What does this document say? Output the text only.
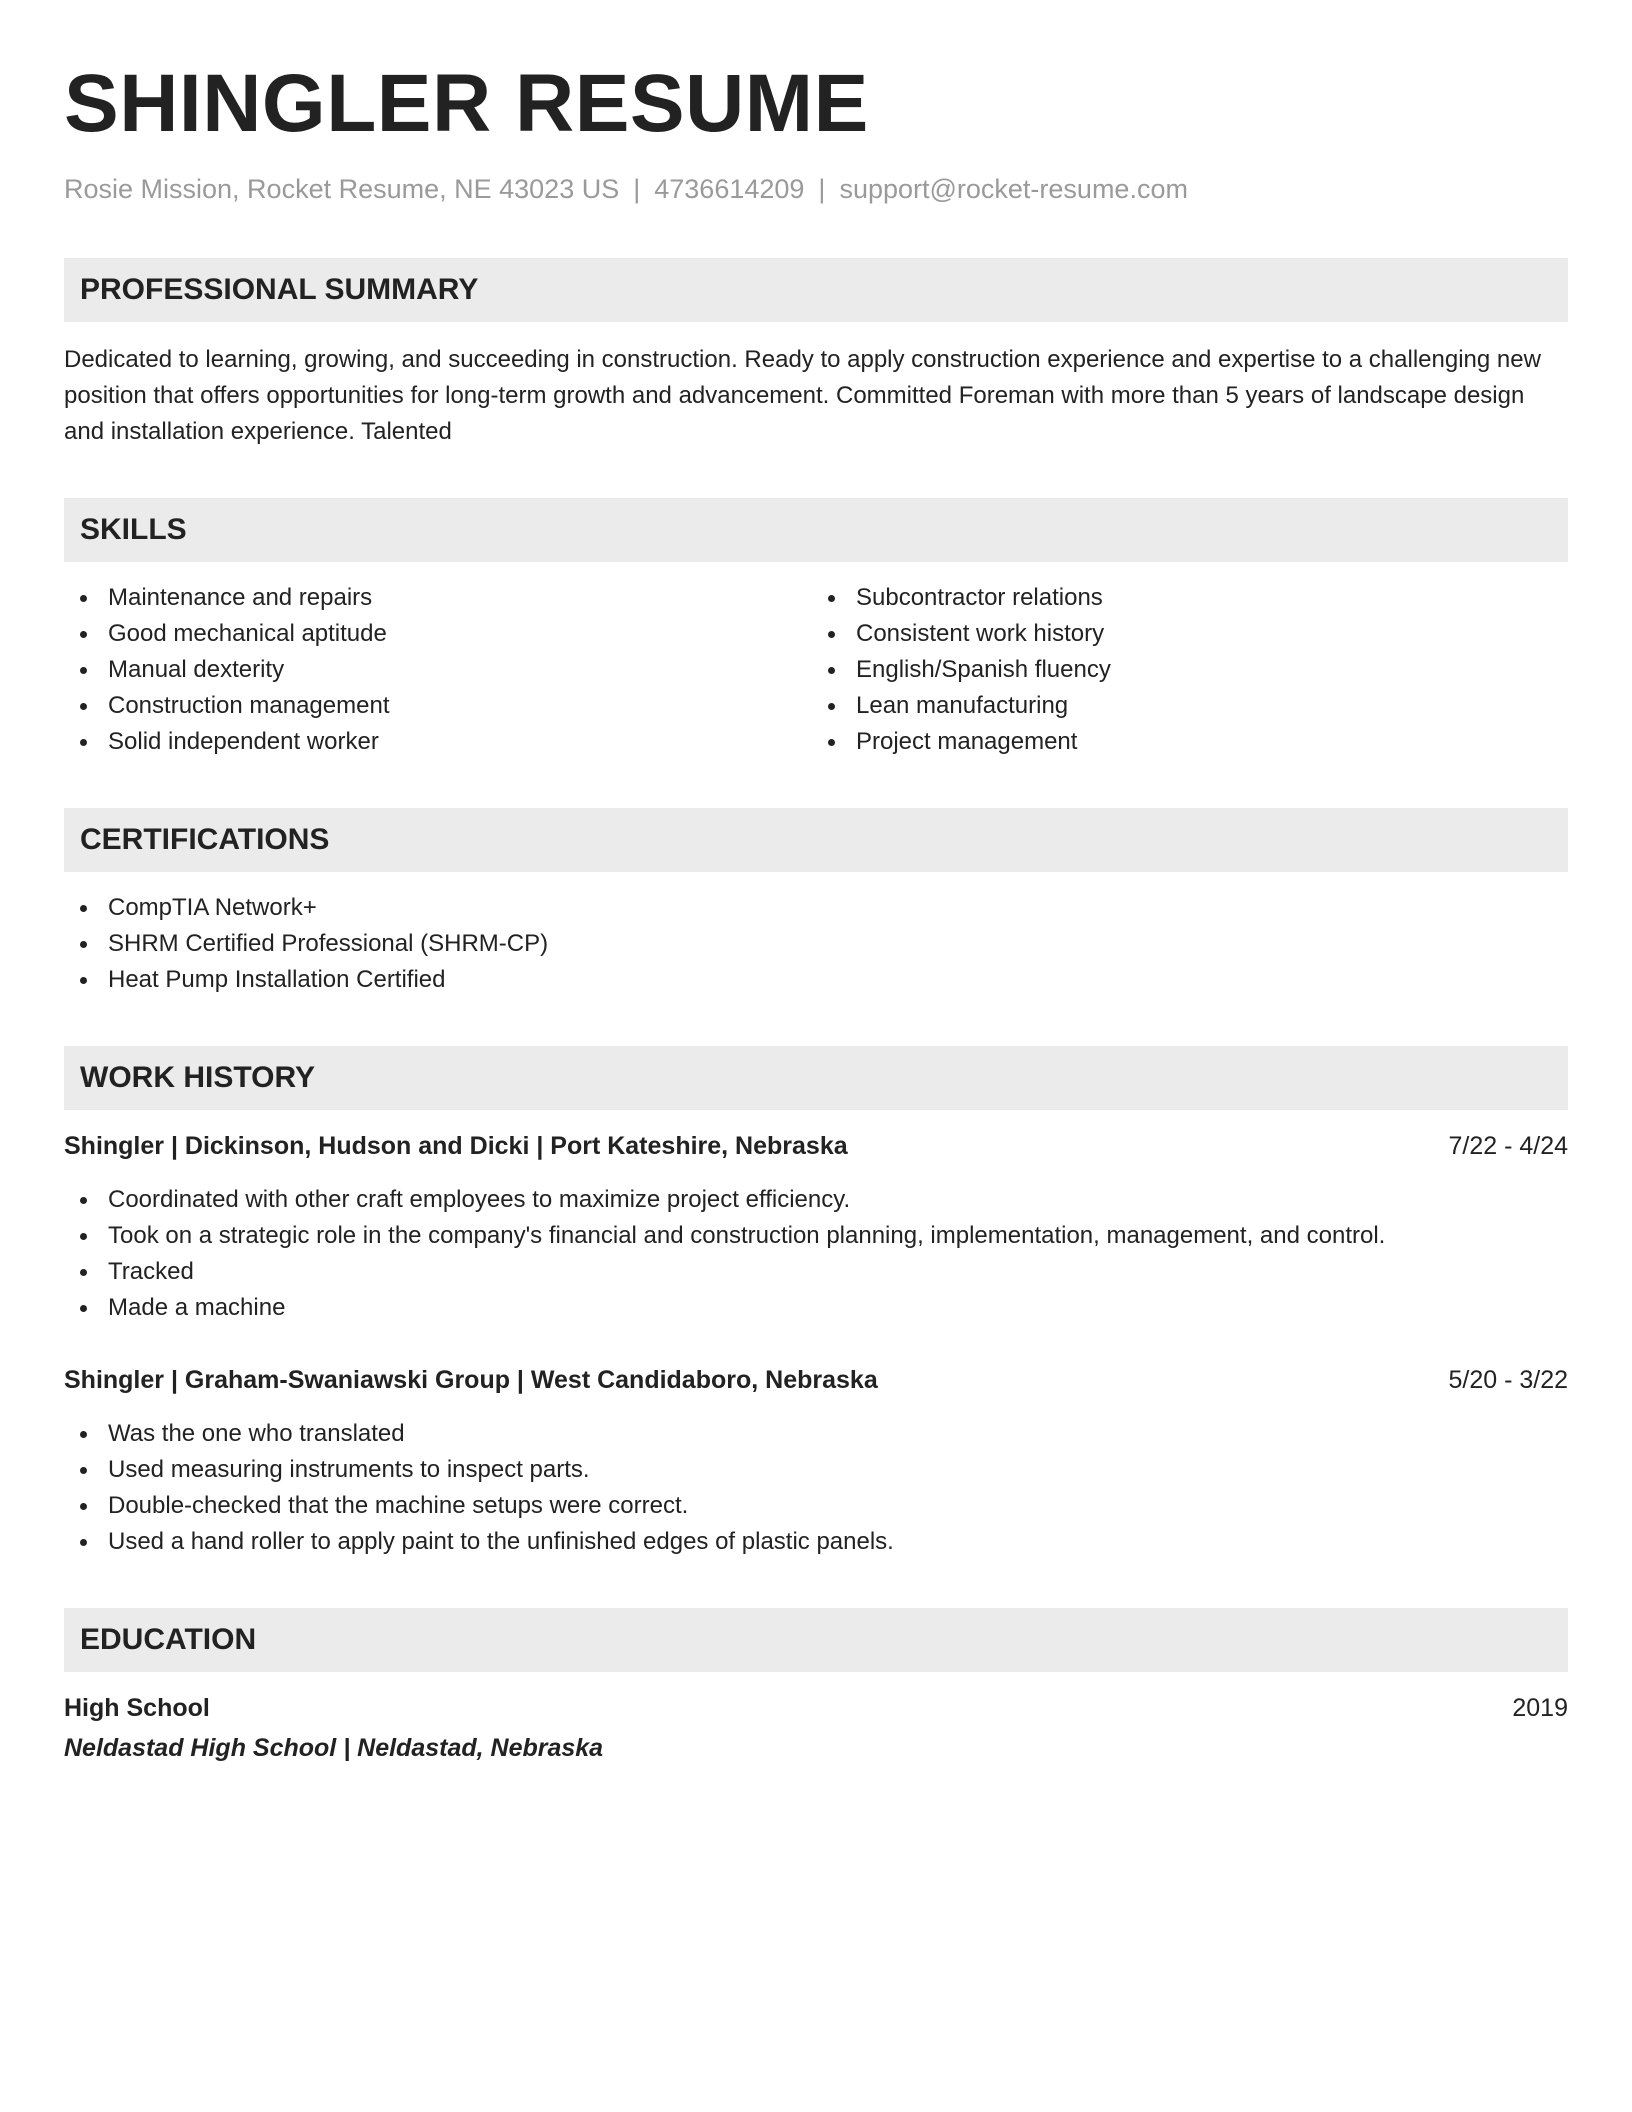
SHINGLER RESUME
Rosie Mission, Rocket Resume, NE 43023 US | 4736614209 | support@rocket-resume.com
PROFESSIONAL SUMMARY

Dedicated to learning, growing, and succeeding in construction. Ready to apply construction experience and expertise to a challenging new position that offers opportunities for long-term growth and advancement. Committed Foreman with more than 5 years of landscape design and installation experience. Talented

SKILLS
Maintenance and repairs
Good mechanical aptitude
Manual dexterity
Construction management
Solid independent worker
Subcontractor relations
Consistent work history
English/Spanish fluency
Lean manufacturing
Project management
CERTIFICATIONS
CompTIA Network+
SHRM Certified Professional (SHRM-CP)
Heat Pump Installation Certified
WORK HISTORY
Shingler | Dickinson, Hudson and Dicki | Port Kateshire, Nebraska	7/22 - 4/24
Coordinated with other craft employees to maximize project efficiency.
Took on a strategic role in the company's financial and construction planning, implementation, management, and control.
Tracked
Made a machine
Shingler | Graham-Swaniawski Group | West Candidaboro, Nebraska	5/20 - 3/22
Was the one who translated
Used measuring instruments to inspect parts.
Double-checked that the machine setups were correct.
Used a hand roller to apply paint to the unfinished edges of plastic panels.
EDUCATION
High School	2019
Neldastad High School | Neldastad, Nebraska
